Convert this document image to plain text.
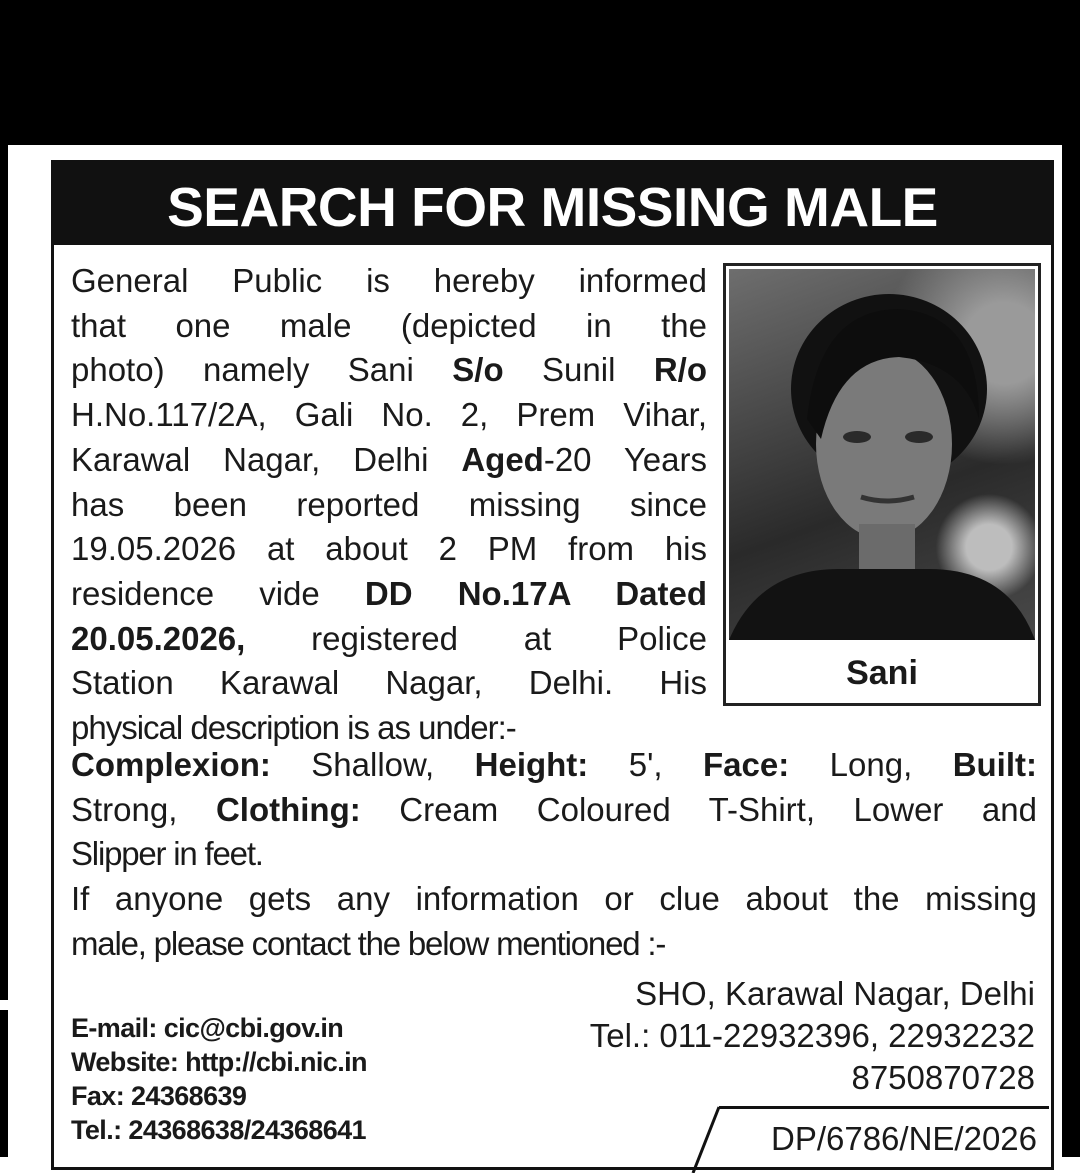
SEARCH FOR MISSING MALE
General Public is hereby informed
that one male (depicted in the
photo) namely Sani S/o Sunil R/o
H.No.117/2A, Gali No. 2, Prem Vihar,
Karawal Nagar, Delhi Aged-20 Years
has been reported missing since
19.05.2026 at about 2 PM from his
residence vide DD No.17A Dated
20.05.2026, registered at Police
Station Karawal Nagar, Delhi. His
physical description is as under:-
Sani
Complexion: Shallow, Height: 5', Face: Long, Built:
Strong, Clothing: Cream Coloured T-Shirt, Lower and
Slipper in feet.
If anyone gets any information or clue about the missing
male, please contact the below mentioned :-
E-mail: cic@cbi.gov.in
Website: http://cbi.nic.in
Fax: 24368639
Tel.: 24368638/24368641
SHO, Karawal Nagar, Delhi
Tel.: 011-22932396, 22932232
8750870728
DP/6786/NE/2026
